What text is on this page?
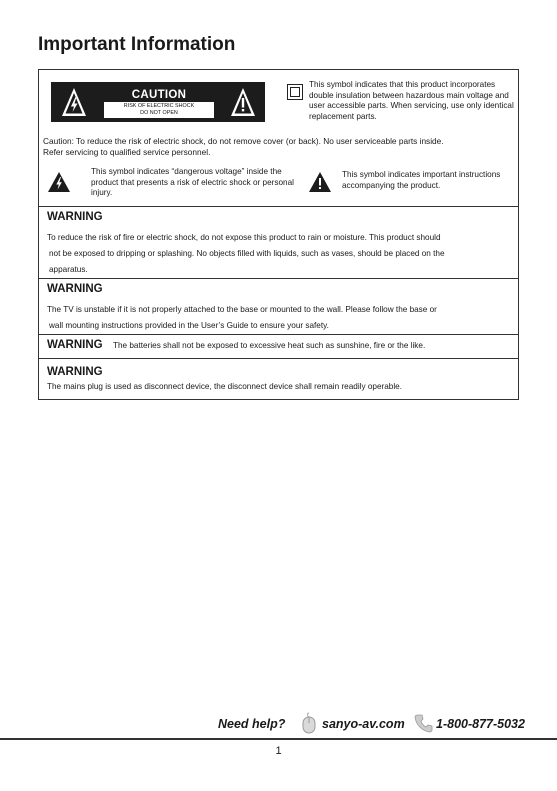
Important Information
CAUTION
RISK OF ELECTRIC SHOCK
DO NOT OPEN
This symbol indicates that this product incorporates double insulation between hazardous main voltage and user accessible parts. When servicing, use only identical replacement parts.
Caution: To reduce the risk of electric shock, do not remove cover (or back). No user serviceable parts inside.
Refer servicing to qualified service personnel.
This symbol indicates “dangerous voltage” inside the product that presents a risk of electric shock or personal injury.
This symbol indicates important instructions accompanying the product.
WARNING
To reduce the risk of fire or electric shock, do not expose this product to rain or moisture. This product should
not be exposed to dripping or splashing. No objects filled with liquids, such as vases, should be placed on the
apparatus.
WARNING
The TV is unstable if it is not properly attached to the base or mounted to the wall. Please follow the base or
wall mounting instructions provided in the User’s Guide to ensure your safety.
WARNING The batteries shall not be exposed to excessive heat such as sunshine, fire or the like.
WARNING
The mains plug is used as disconnect device, the disconnect device shall remain readily operable.
Need help?	sanyo-av.com	1-800-877-5032
1
